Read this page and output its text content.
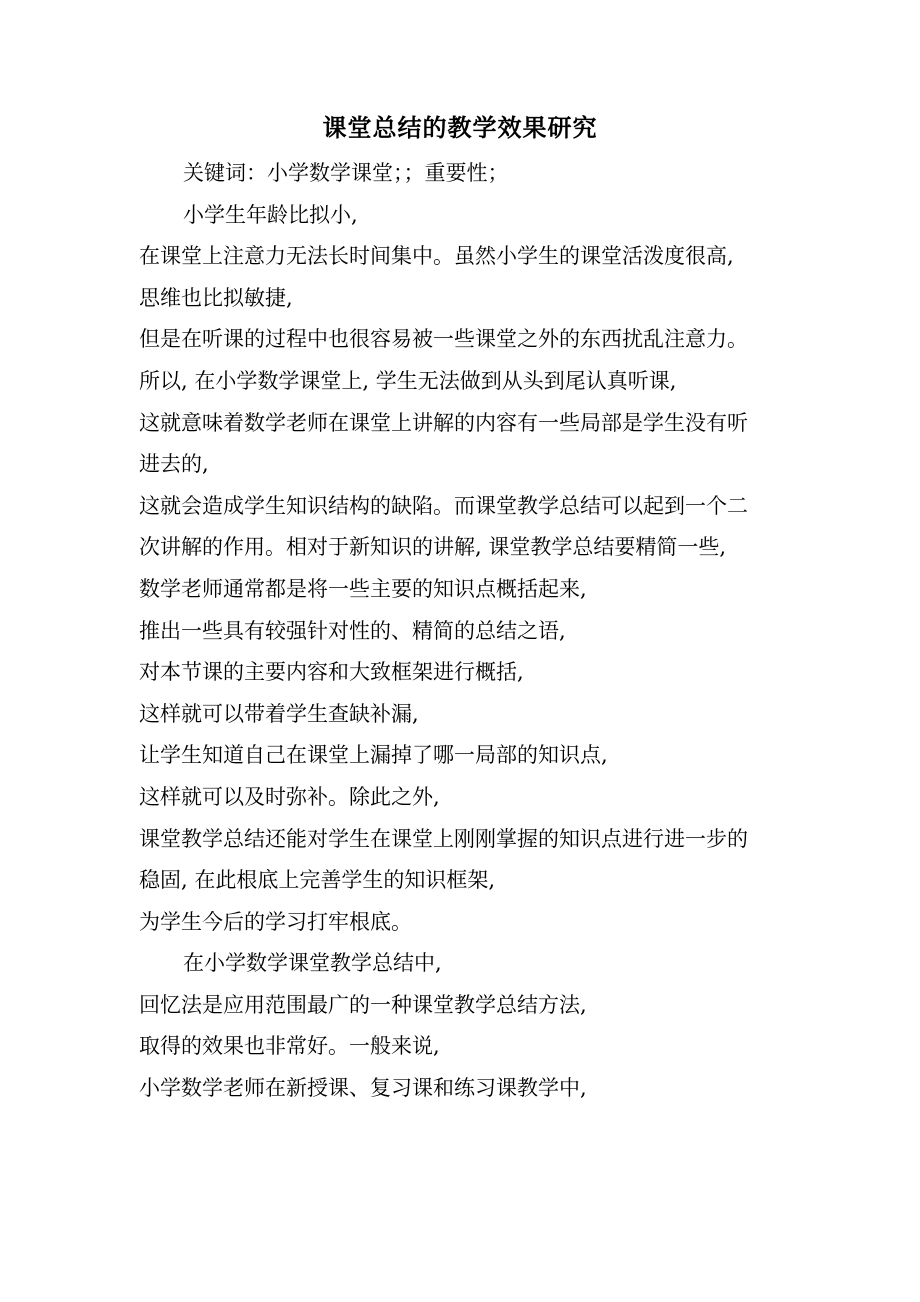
课堂总结的教学效果研究
关键词：小学数学课堂；；重要性；
小学生年龄比拟小,
在课堂上注意力无法长时间集中。虽然小学生的课堂活泼度很高,
思维也比拟敏捷,
但是在听课的过程中也很容易被一些课堂之外的东西扰乱注意力。
所以, 在小学数学课堂上, 学生无法做到从头到尾认真听课,
这就意味着数学老师在课堂上讲解的内容有一些局部是学生没有听
进去的,
这就会造成学生知识结构的缺陷。而课堂教学总结可以起到一个二
次讲解的作用。相对于新知识的讲解, 课堂教学总结要精简一些,
数学老师通常都是将一些主要的知识点概括起来,
推出一些具有较强针对性的、精简的总结之语,
对本节课的主要内容和大致框架进行概括,
这样就可以带着学生查缺补漏,
让学生知道自己在课堂上漏掉了哪一局部的知识点,
这样就可以及时弥补。除此之外,
课堂教学总结还能对学生在课堂上刚刚掌握的知识点进行进一步的
稳固, 在此根底上完善学生的知识框架,
为学生今后的学习打牢根底。
在小学数学课堂教学总结中,
回忆法是应用范围最广的一种课堂教学总结方法,
取得的效果也非常好。一般来说,
小学数学老师在新授课、复习课和练习课教学中,
